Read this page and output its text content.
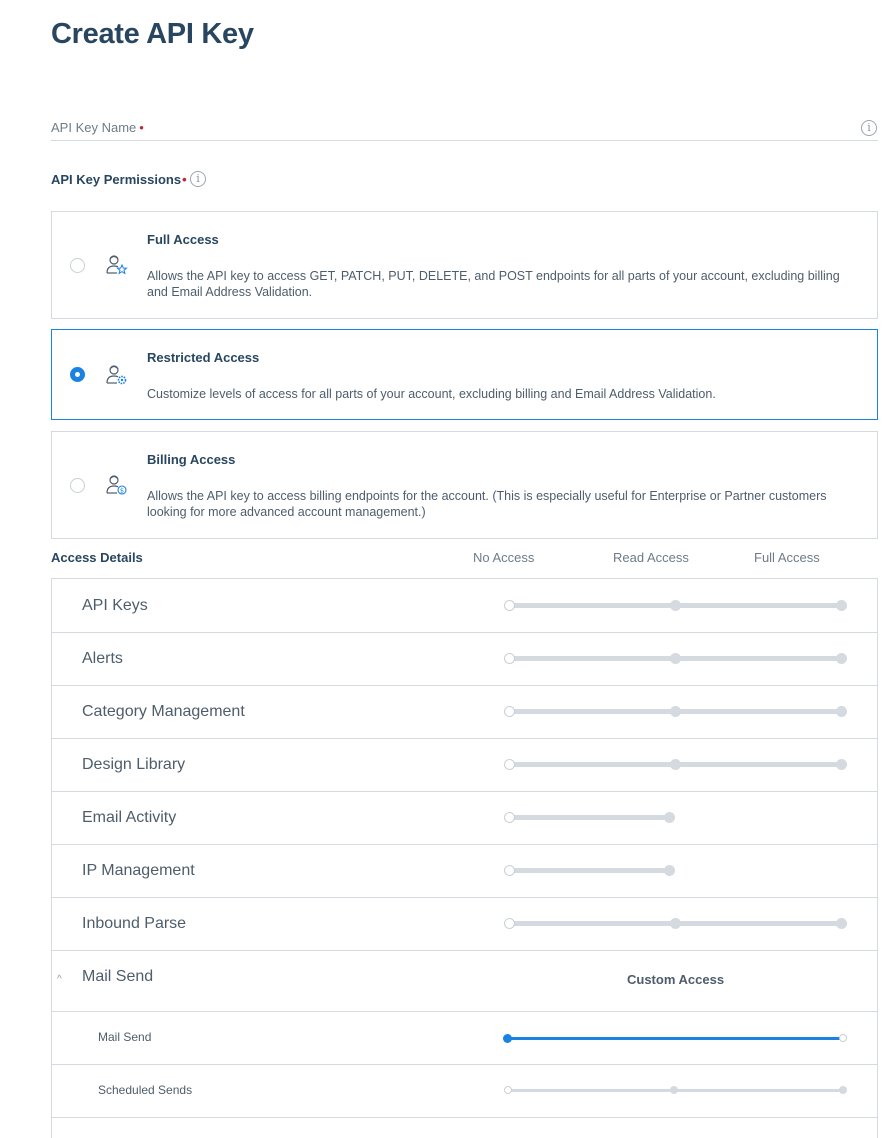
Create API Key
API Key Name •	i
API Key Permissions• i
Full Access
Allows the API key to access GET, PATCH, PUT, DELETE, and POST endpoints for all parts of your account, excluding billing and Email Address Validation.
Restricted Access
Customize levels of access for all parts of your account, excluding billing and Email Address Validation.
$
Billing Access
Allows the API key to access billing endpoints for the account. (This is especially useful for Enterprise or Partner customers looking for more advanced account management.)
Access Details	No Access	Read Access	Full Access
API Keys
Alerts
Category Management
Design Library
Email Activity
IP Management
Inbound Parse
^ Mail Send	Custom Access
Mail Send
Scheduled Sends
